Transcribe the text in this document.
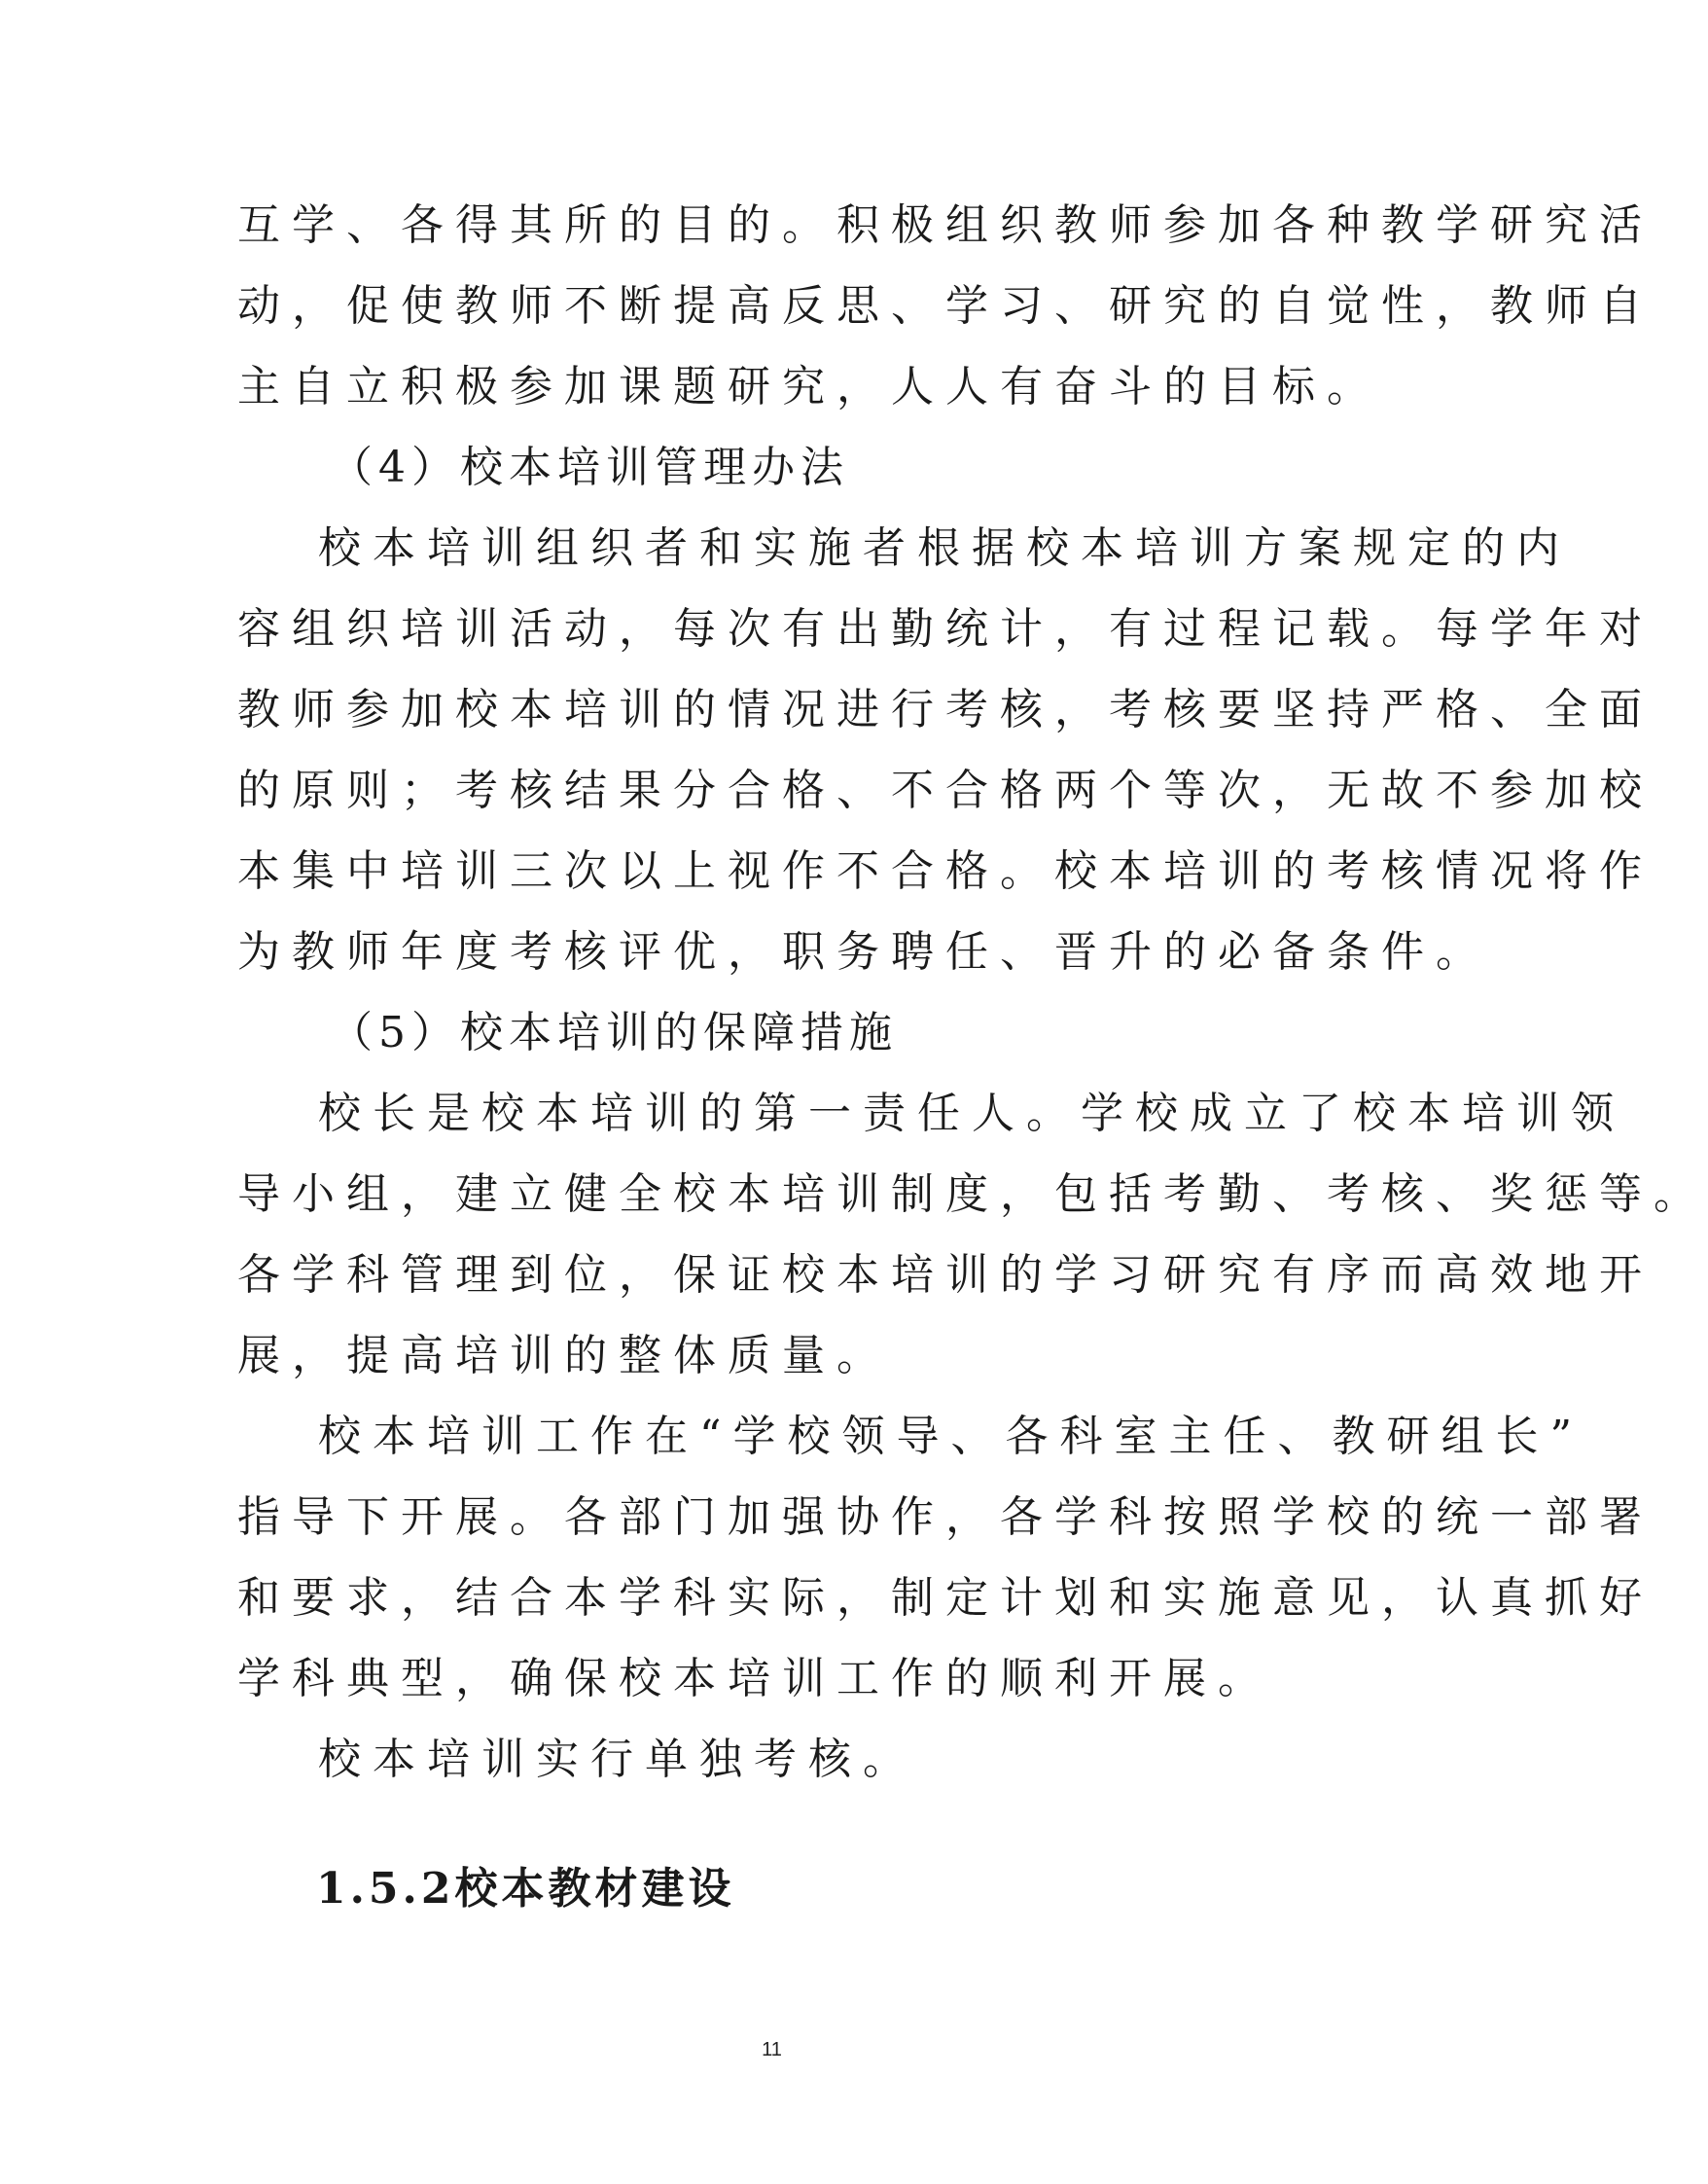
互学、各得其所的目的。积极组织教师参加各种教学研究活
动，促使教师不断提高反思、学习、研究的自觉性，教师自
主自立积极参加课题研究，人人有奋斗的目标。
（4）校本培训管理办法
校本培训组织者和实施者根据校本培训方案规定的内
容组织培训活动，每次有出勤统计，有过程记载。每学年对
教师参加校本培训的情况进行考核，考核要坚持严格、全面
的原则；考核结果分合格、不合格两个等次，无故不参加校
本集中培训三次以上视作不合格。校本培训的考核情况将作
为教师年度考核评优，职务聘任、晋升的必备条件。
（5）校本培训的保障措施
校长是校本培训的第一责任人。学校成立了校本培训领
导小组，建立健全校本培训制度，包括考勤、考核、奖惩等。
各学科管理到位，保证校本培训的学习研究有序而高效地开
展，提高培训的整体质量。
校本培训工作在“学校领导、各科室主任、教研组长”
指导下开展。各部门加强协作，各学科按照学校的统一部署
和要求，结合本学科实际，制定计划和实施意见，认真抓好
学科典型，确保校本培训工作的顺利开展。
校本培训实行单独考核。
1.5.2校本教材建设
11
